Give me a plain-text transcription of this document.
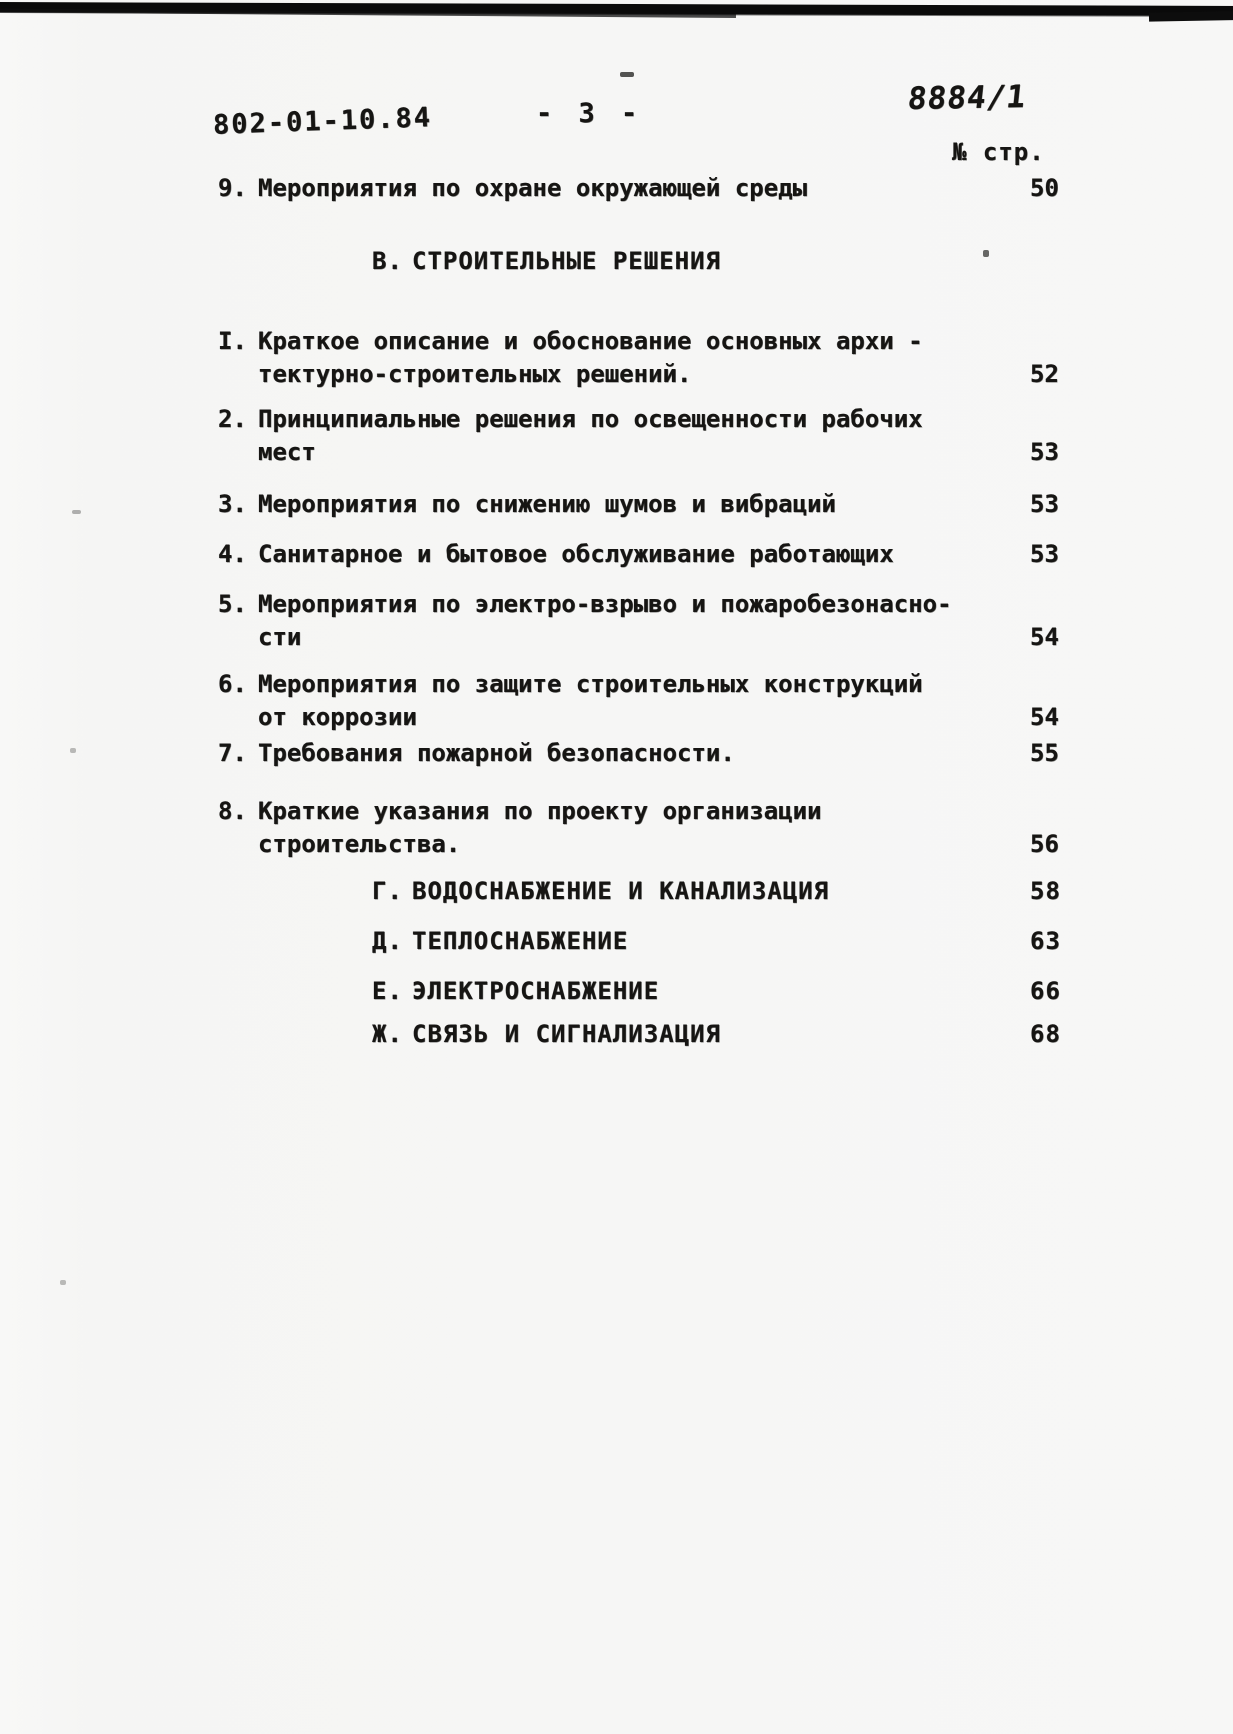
802-01-10.84	- 3 -	8884/1
№ стр.
9. Мероприятия по охране окружающей среды	50
В. СТРОИТЕЛЬНЫЕ РЕШЕНИЯ
I. Краткое описание и обоснование основных архи -
тектурно-строительных решений.	52
2. Принципиальные решения по освещенности рабочих
мест	53
3. Мероприятия по снижению шумов и вибраций	53
4. Санитарное и бытовое обслуживание работающих	53
5. Мероприятия по электро-взрыво и пожаробезонасно-
сти	54
6. Мероприятия по защите строительных конструкций
от коррозии	54
7. Требования пожарной безопасности.	55
8. Краткие указания по проекту организации
строительства.	56
Г. ВОДОСНАБЖЕНИЕ И КАНАЛИЗАЦИЯ	58
Д. ТЕПЛОСНАБЖЕНИЕ	63
Е. ЭЛЕКТРОСНАБЖЕНИЕ	66
Ж. СВЯЗЬ И СИГНАЛИЗАЦИЯ	68
